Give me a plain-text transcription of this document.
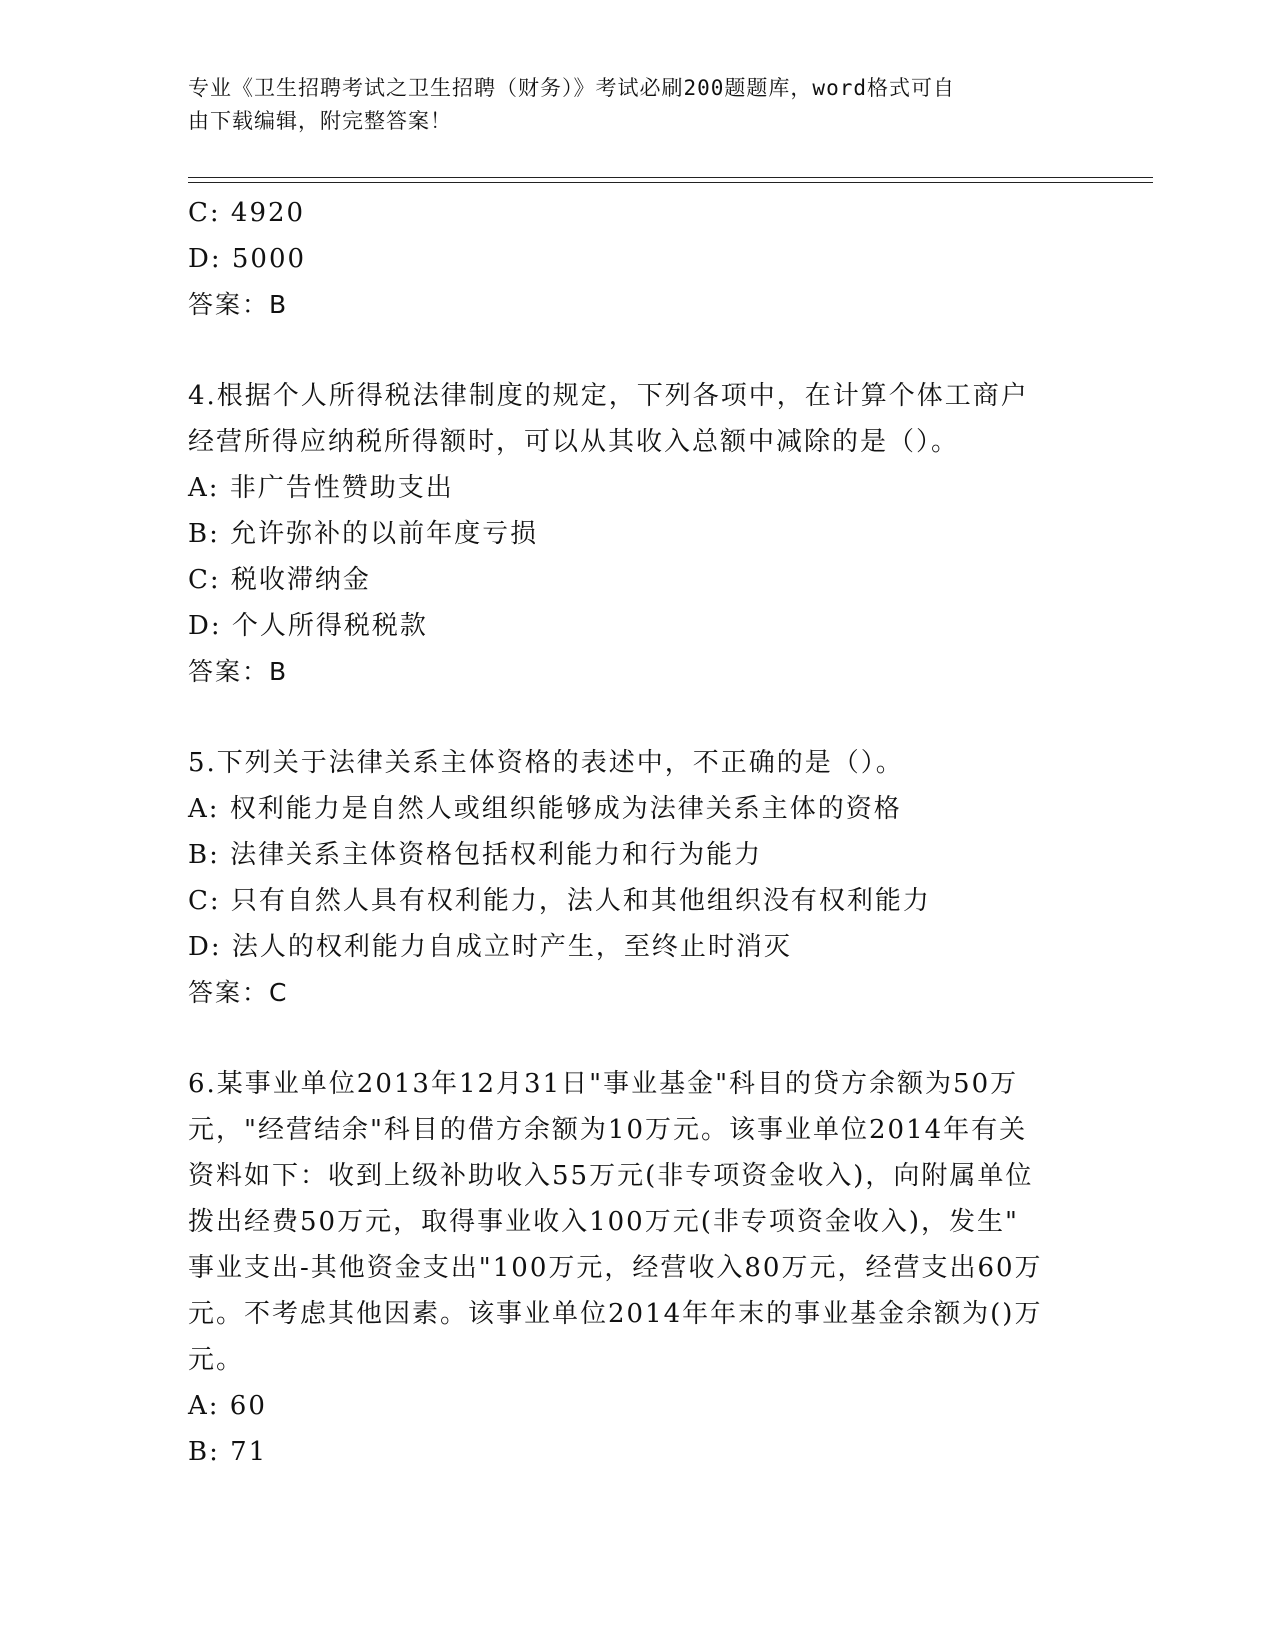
专业《卫生招聘考试之卫生招聘（财务）》考试必刷200题题库，word格式可自
由下载编辑，附完整答案！
C: 4920
D: 5000
答案：B
4.根据个人所得税法律制度的规定，下列各项中，在计算个体工商户
经营所得应纳税所得额时，可以从其收入总额中减除的是（）。
A: 非广告性赞助支出
B: 允许弥补的以前年度亏损
C: 税收滞纳金
D: 个人所得税税款
答案：B
5.下列关于法律关系主体资格的表述中，不正确的是（）。
A: 权利能力是自然人或组织能够成为法律关系主体的资格
B: 法律关系主体资格包括权利能力和行为能力
C: 只有自然人具有权利能力，法人和其他组织没有权利能力
D: 法人的权利能力自成立时产生，至终止时消灭
答案：C
6.某事业单位2013年12月31日"事业基金"科目的贷方余额为50万
元，"经营结余"科目的借方余额为10万元。该事业单位2014年有关
资料如下：收到上级补助收入55万元(非专项资金收入)，向附属单位
拨出经费50万元，取得事业收入100万元(非专项资金收入)，发生"
事业支出-其他资金支出"100万元，经营收入80万元，经营支出60万
元。不考虑其他因素。该事业单位2014年年末的事业基金余额为()万
元。
A: 60
B: 71
